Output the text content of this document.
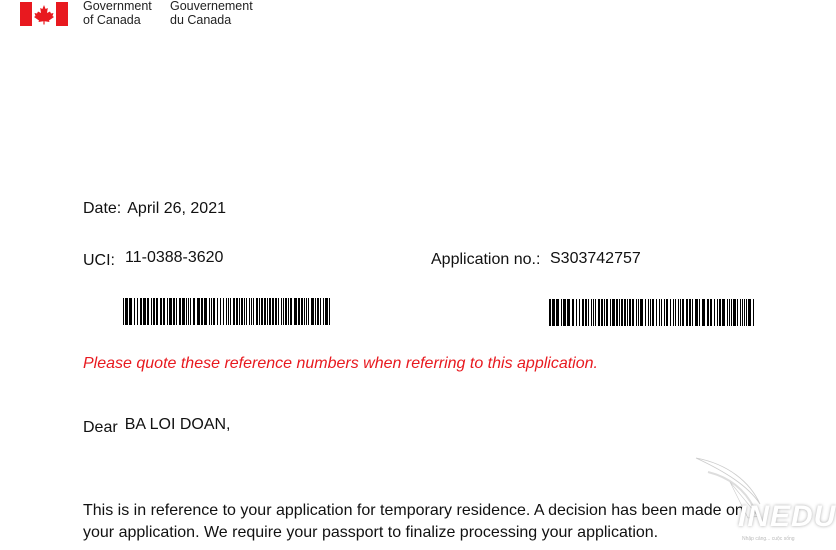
Government
of Canada
Gouvernement
du Canada
Date: April 26, 2021
UCI: 11-0388-3620	Application no.: S303742757
Please quote these reference numbers when referring to this application.
Dear BA LOI DOAN,
This is in reference to your application for temporary residence. A decision has been made on
your application. We require your passport to finalize processing your application.	INEDU
Nhập cảng... cuộc sống
